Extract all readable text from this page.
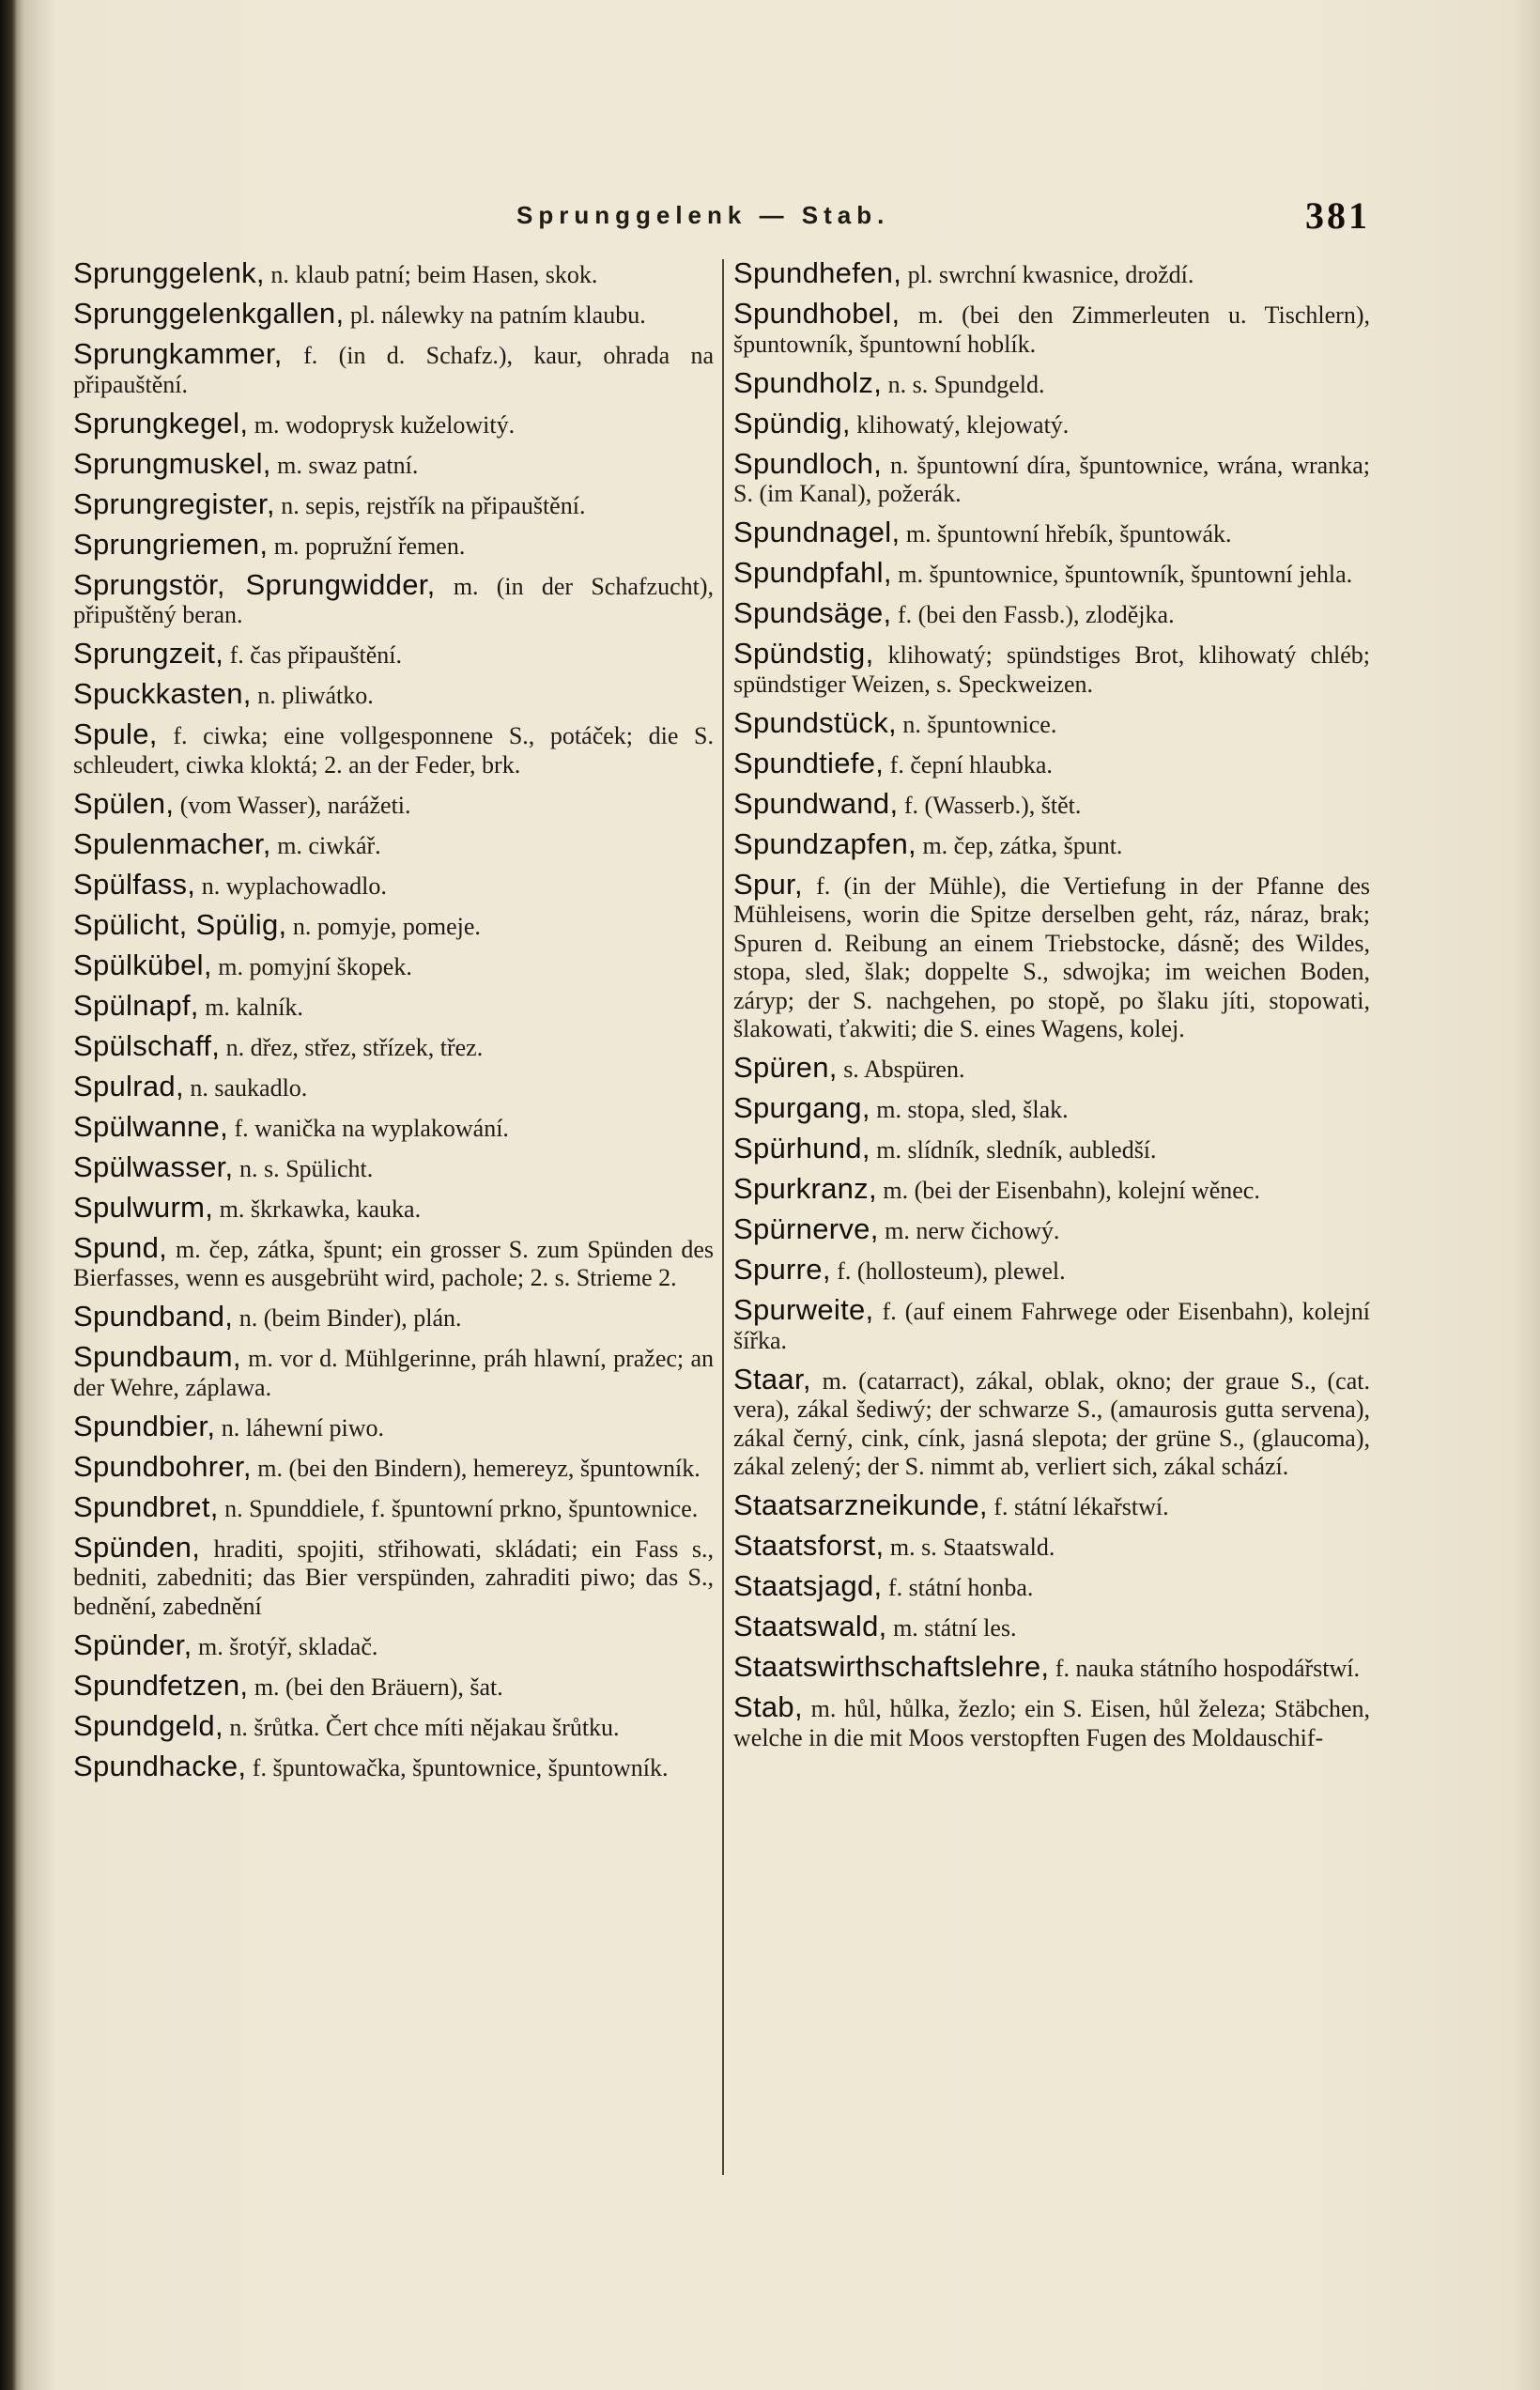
Sprunggelenk — Stab.	381
Sprunggelenk, n. klaub patní; beim Hasen, skok.
Sprunggelenkgallen, pl. nálewky na patním klaubu.
Sprungkammer, f. (in d. Schafz.), kaur, ohrada na připauštění.
Sprungkegel, m. wodoprysk kuželowitý.
Sprungmuskel, m. swaz patní.
Sprungregister, n. sepis, rejstřík na připauštění.
Sprungriemen, m. popružní řemen.
Sprungstör, Sprungwidder, m. (in der Schafzucht), připuštěný beran.
Sprungzeit, f. čas připauštění.
Spuckkasten, n. pliwátko.
Spule, f. ciwka; eine vollgesponnene S., potáček; die S. schleudert, ciwka kloktá; 2. an der Feder, brk.
Spülen, (vom Wasser), narážeti.
Spulenmacher, m. ciwkář.
Spülfass, n. wyplachowadlo.
Spülicht, Spülig, n. pomyje, pomeje.
Spülkübel, m. pomyjní škopek.
Spülnapf, m. kalník.
Spülschaff, n. dřez, střez, střízek, třez.
Spulrad, n. saukadlo.
Spülwanne, f. wanička na wyplakowání.
Spülwasser, n. s. Spülicht.
Spulwurm, m. škrkawka, kauka.
Spund, m. čep, zátka, špunt; ein grosser S. zum Spünden des Bierfasses, wenn es ausgebrüht wird, pachole; 2. s. Strieme 2.
Spundband, n. (beim Binder), plán.
Spundbaum, m. vor d. Mühlgerinne, práh hlawní, pražec; an der Wehre, záplawa.
Spundbier, n. láhewní piwo.
Spundbohrer, m. (bei den Bindern), hemereyz, špuntowník.
Spundbret, n. Spunddiele, f. špuntowní prkno, špuntownice.
Spünden, hraditi, spojiti, střihowati, skládati; ein Fass s., bedniti, zabedniti; das Bier verspünden, zahraditi piwo; das S., bednění, zabednění
Spünder, m. šrotýř, skladač.
Spundfetzen, m. (bei den Bräuern), šat.
Spundgeld, n. šrůtka. Čert chce míti nějakau šrůtku.
Spundhacke, f. špuntowačka, špuntownice, špuntowník.
Spundhefen, pl. swrchní kwasnice, droždí.
Spundhobel, m. (bei den Zimmerleuten u. Tischlern), špuntowník, špuntowní hoblík.
Spundholz, n. s. Spundgeld.
Spündig, klihowatý, klejowatý.
Spundloch, n. špuntowní díra, špuntownice, wrána, wranka; S. (im Kanal), požerák.
Spundnagel, m. špuntowní hřebík, špuntowák.
Spundpfahl, m. špuntownice, špuntowník, špuntowní jehla.
Spundsäge, f. (bei den Fassb.), zlodějka.
Spündstig, klihowatý; spündstiges Brot, klihowatý chléb; spündstiger Weizen, s. Speckweizen.
Spundstück, n. špuntownice.
Spundtiefe, f. čepní hlaubka.
Spundwand, f. (Wasserb.), štět.
Spundzapfen, m. čep, zátka, špunt.
Spur, f. (in der Mühle), die Vertiefung in der Pfanne des Mühleisens, worin die Spitze derselben geht, ráz, náraz, brak; Spuren d. Reibung an einem Triebstocke, dásně; des Wildes, stopa, sled, šlak; doppelte S., sdwojka; im weichen Boden, záryp; der S. nachgehen, po stopě, po šlaku jíti, stopowati, šlakowati, ťakwiti; die S. eines Wagens, kolej.
Spüren, s. Abspüren.
Spurgang, m. stopa, sled, šlak.
Spürhund, m. slídník, sledník, aubledší.
Spurkranz, m. (bei der Eisenbahn), kolejní wěnec.
Spürnerve, m. nerw čichowý.
Spurre, f. (hollosteum), plewel.
Spurweite, f. (auf einem Fahrwege oder Eisenbahn), kolejní šířka.
Staar, m. (catarract), zákal, oblak, okno; der graue S., (cat. vera), zákal šediwý; der schwarze S., (amaurosis gutta servena), zákal černý, cink, cínk, jasná slepota; der grüne S., (glaucoma), zákal zelený; der S. nimmt ab, verliert sich, zákal schází.
Staatsarzneikunde, f. státní lékařstwí.
Staatsforst, m. s. Staatswald.
Staatsjagd, f. státní honba.
Staatswald, m. státní les.
Staatswirthschaftslehre, f. nauka státního hospodářstwí.
Stab, m. hůl, hůlka, žezlo; ein S. Eisen, hůl železa; Stäbchen, welche in die mit Moos verstopften Fugen des Moldauschif-
